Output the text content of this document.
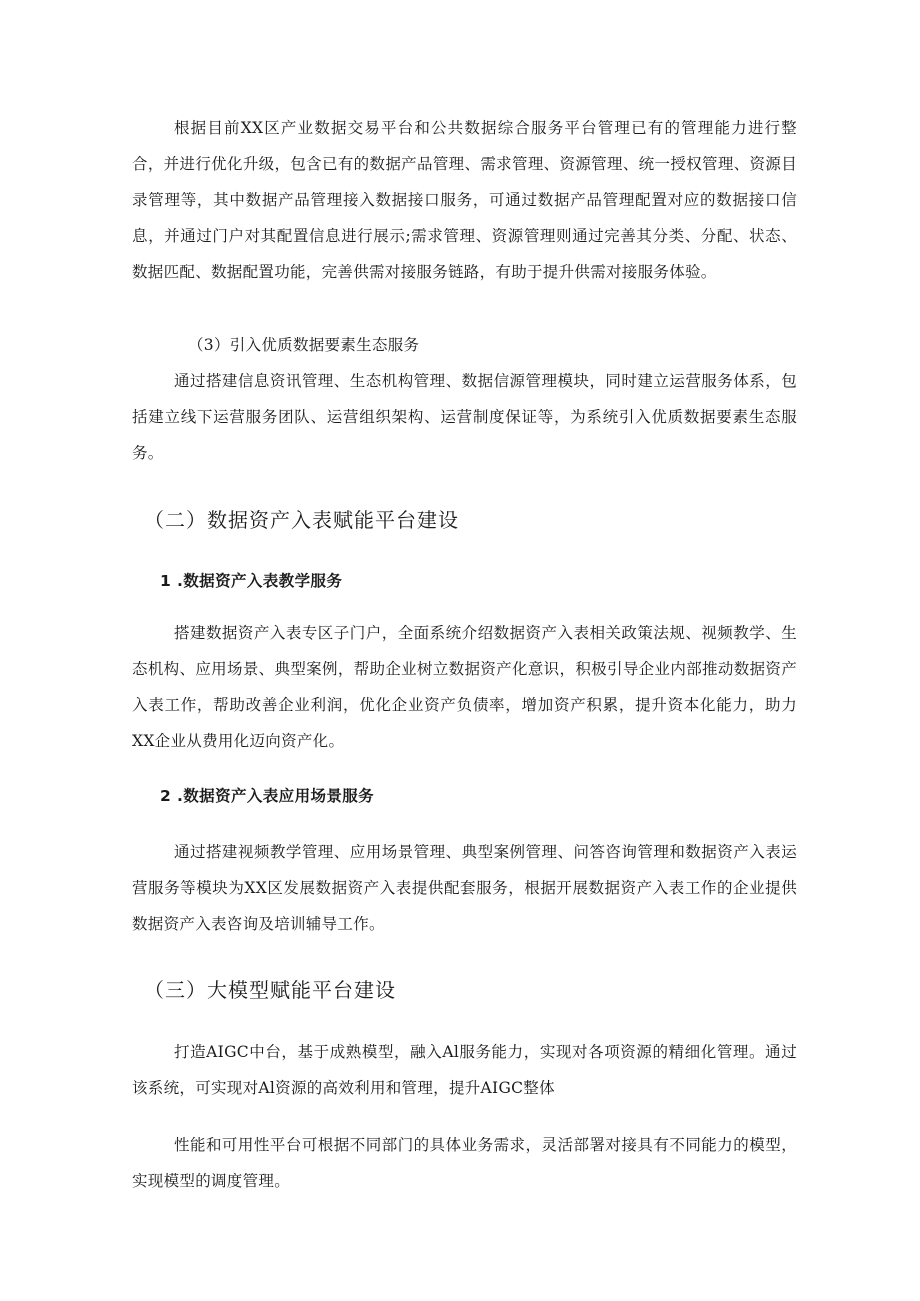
根据目前XX区产业数据交易平台和公共数据综合服务平台管理已有的管理能力进行整合，并进行优化升级，包含已有的数据产品管理、需求管理、资源管理、统一授权管理、资源目录管理等，其中数据产品管理接入数据接口服务，可通过数据产品管理配置对应的数据接口信息，并通过门户对其配置信息进行展示;需求管理、资源管理则通过完善其分类、分配、状态、数据匹配、数据配置功能，完善供需对接服务链路，有助于提升供需对接服务体验。

（3）引入优质数据要素生态服务

通过搭建信息资讯管理、生态机构管理、数据信源管理模块，同时建立运营服务体系，包括建立线下运营服务团队、运营组织架构、运营制度保证等，为系统引入优质数据要素生态服务。

（二）数据资产入表赋能平台建设
1 .数据资产入表教学服务

搭建数据资产入表专区子门户，全面系统介绍数据资产入表相关政策法规、视频教学、生态机构、应用场景、典型案例，帮助企业树立数据资产化意识，积极引导企业内部推动数据资产入表工作，帮助改善企业利润，优化企业资产负债率，增加资产积累，提升资本化能力，助力XX企业从费用化迈向资产化。

2 .数据资产入表应用场景服务

通过搭建视频教学管理、应用场景管理、典型案例管理、问答咨询管理和数据资产入表运营服务等模块为XX区发展数据资产入表提供配套服务，根据开展数据资产入表工作的企业提供数据资产入表咨询及培训辅导工作。

（三）大模型赋能平台建设

打造AIGC中台，基于成熟模型，融入Al服务能力，实现对各项资源的精细化管理。通过该系统，可实现对Al资源的高效利用和管理，提升AIGC整体

性能和可用性平台可根据不同部门的具体业务需求，灵活部署对接具有不同能力的模型，实现模型的调度管理。
